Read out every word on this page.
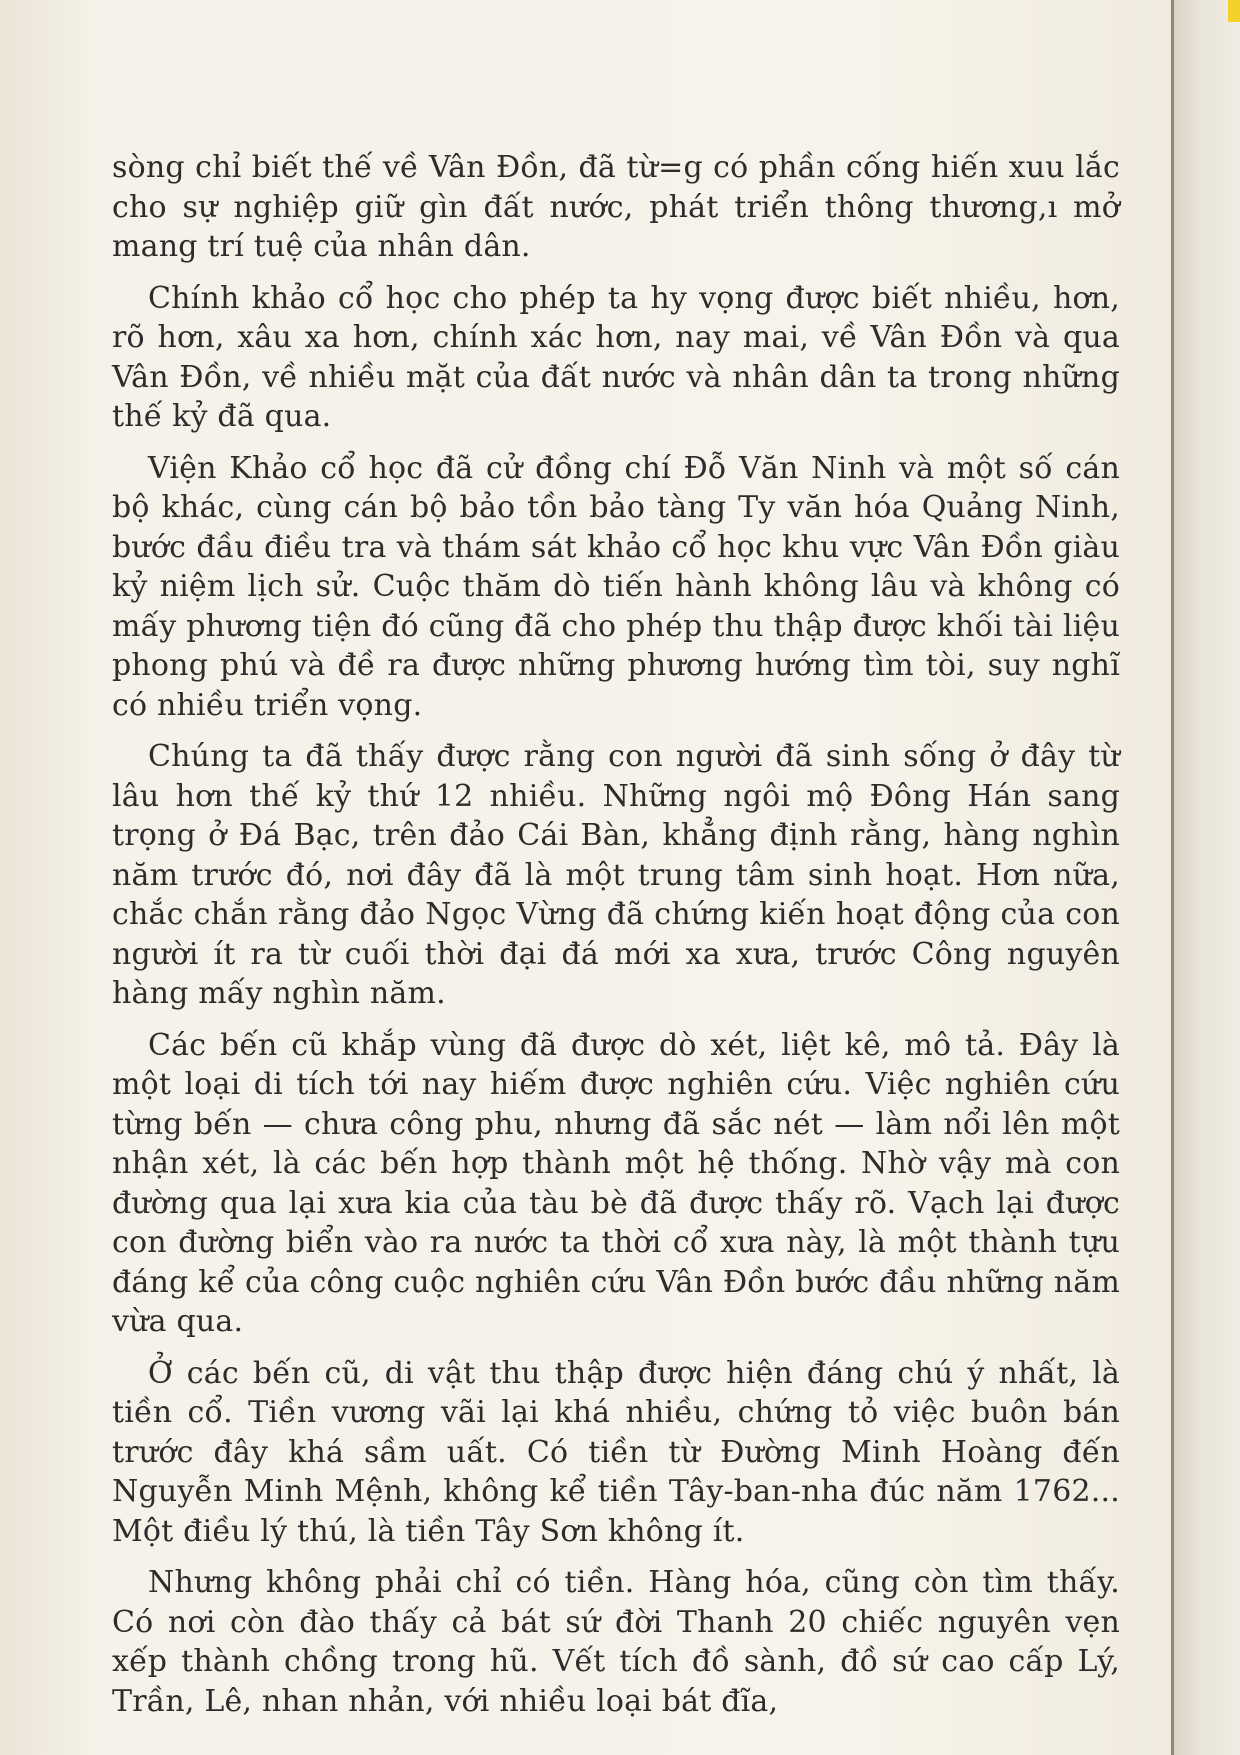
sòng chỉ biết thế về Vân Đồn, đã từ=g có phần cống hiến xuu lắc cho sự nghiệp giữ gìn đất nước, phát triển thông thương,ı mở mang trí tuệ của nhân dân.

Chính khảo cổ học cho phép ta hy vọng được biết nhiều, hơn, rõ hơn, xâu xa hơn, chính xác hơn, nay mai, về Vân Đồn và qua Vân Đồn, về nhiều mặt của đất nước và nhân dân ta trong những thế kỷ đã qua.

Viện Khảo cổ học đã cử đồng chí Đỗ Văn Ninh và một số cán bộ khác, cùng cán bộ bảo tồn bảo tàng Ty văn hóa Quảng Ninh, bước đầu điều tra và thám sát khảo cổ học khu vực Vân Đồn giàu kỷ niệm lịch sử. Cuộc thăm dò tiến hành không lâu và không có mấy phương tiện đó cũng đã cho phép thu thập được khối tài liệu phong phú và đề ra được những phương hướng tìm tòi, suy nghĩ có nhiều triển vọng.

Chúng ta đã thấy được rằng con người đã sinh sống ở đây từ lâu hơn thế kỷ thứ 12 nhiều. Những ngôi mộ Đông Hán sang trọng ở Đá Bạc, trên đảo Cái Bàn, khẳng định rằng, hàng nghìn năm trước đó, nơi đây đã là một trung tâm sinh hoạt. Hơn nữa, chắc chắn rằng đảo Ngọc Vừng đã chứng kiến hoạt động của con người ít ra từ cuối thời đại đá mới xa xưa, trước Công nguyên hàng mấy nghìn năm.

Các bến cũ khắp vùng đã được dò xét, liệt kê, mô tả. Đây là một loại di tích tới nay hiếm được nghiên cứu. Việc nghiên cứu từng bến — chưa công phu, nhưng đã sắc nét — làm nổi lên một nhận xét, là các bến hợp thành một hệ thống. Nhờ vậy mà con đường qua lại xưa kia của tàu bè đã được thấy rõ. Vạch lại được con đường biển vào ra nước ta thời cổ xưa này, là một thành tựu đáng kể của công cuộc nghiên cứu Vân Đồn bước đầu những năm vừa qua.

Ở các bến cũ, di vật thu thập được hiện đáng chú ý nhất, là tiền cổ. Tiền vương vãi lại khá nhiều, chứng tỏ việc buôn bán trước đây khá sầm uất. Có tiền từ Đường Minh Hoàng đến Nguyễn Minh Mệnh, không kể tiền Tây-ban-nha đúc năm 1762... Một điều lý thú, là tiền Tây Sơn không ít.

Nhưng không phải chỉ có tiền. Hàng hóa, cũng còn tìm thấy. Có nơi còn đào thấy cả bát sứ đời Thanh 20 chiếc nguyên vẹn xếp thành chồng trong hũ. Vết tích đồ sành, đồ sứ cao cấp Lý, Trần, Lê, nhan nhản, với nhiều loại bát đĩa,
